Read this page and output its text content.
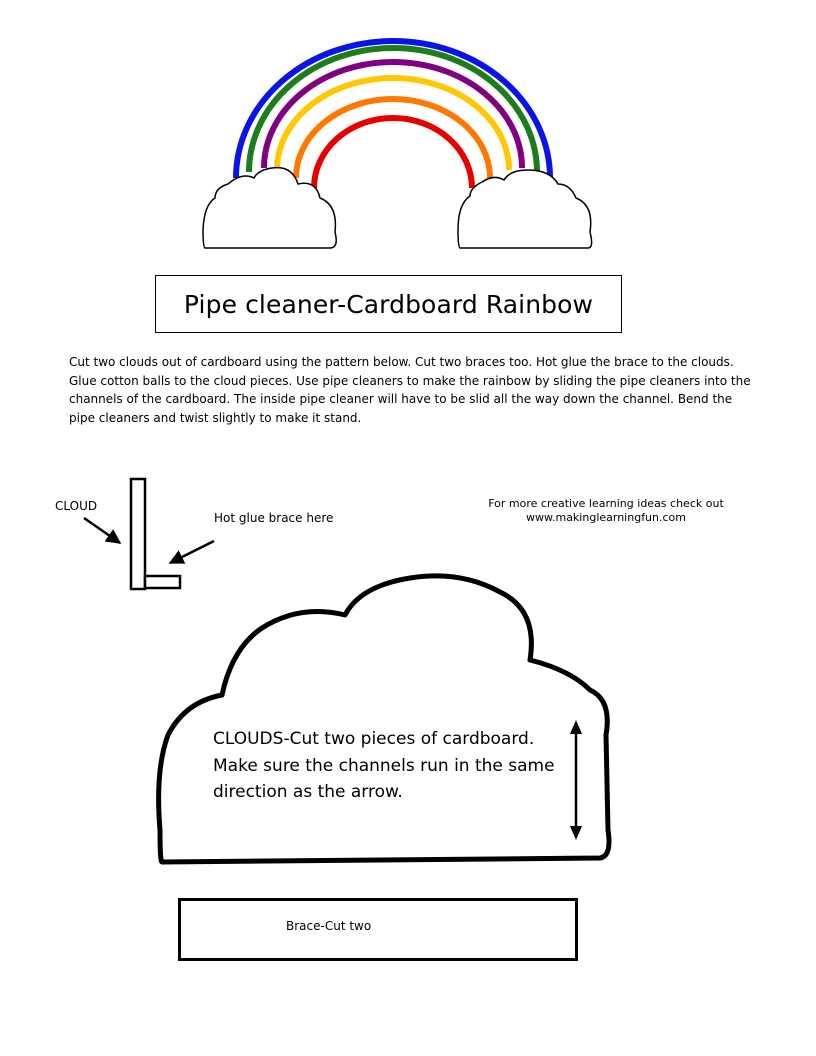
Pipe cleaner-Cardboard Rainbow

Cut two clouds out of cardboard using the pattern below. Cut two braces too. Hot glue the brace to the clouds. Glue cotton balls to the cloud pieces. Use pipe cleaners to make the rainbow by sliding the pipe cleaners into the channels of the cardboard. The inside pipe cleaner will have to be slid all the way down the channel. Bend the pipe cleaners and twist slightly to make it stand.

CLOUD
Hot glue brace here
For more creative learning ideas check out
www.makinglearningfun.com

CLOUDS-Cut two pieces of cardboard. Make sure the channels run in the same direction as the arrow.

Brace-Cut two
